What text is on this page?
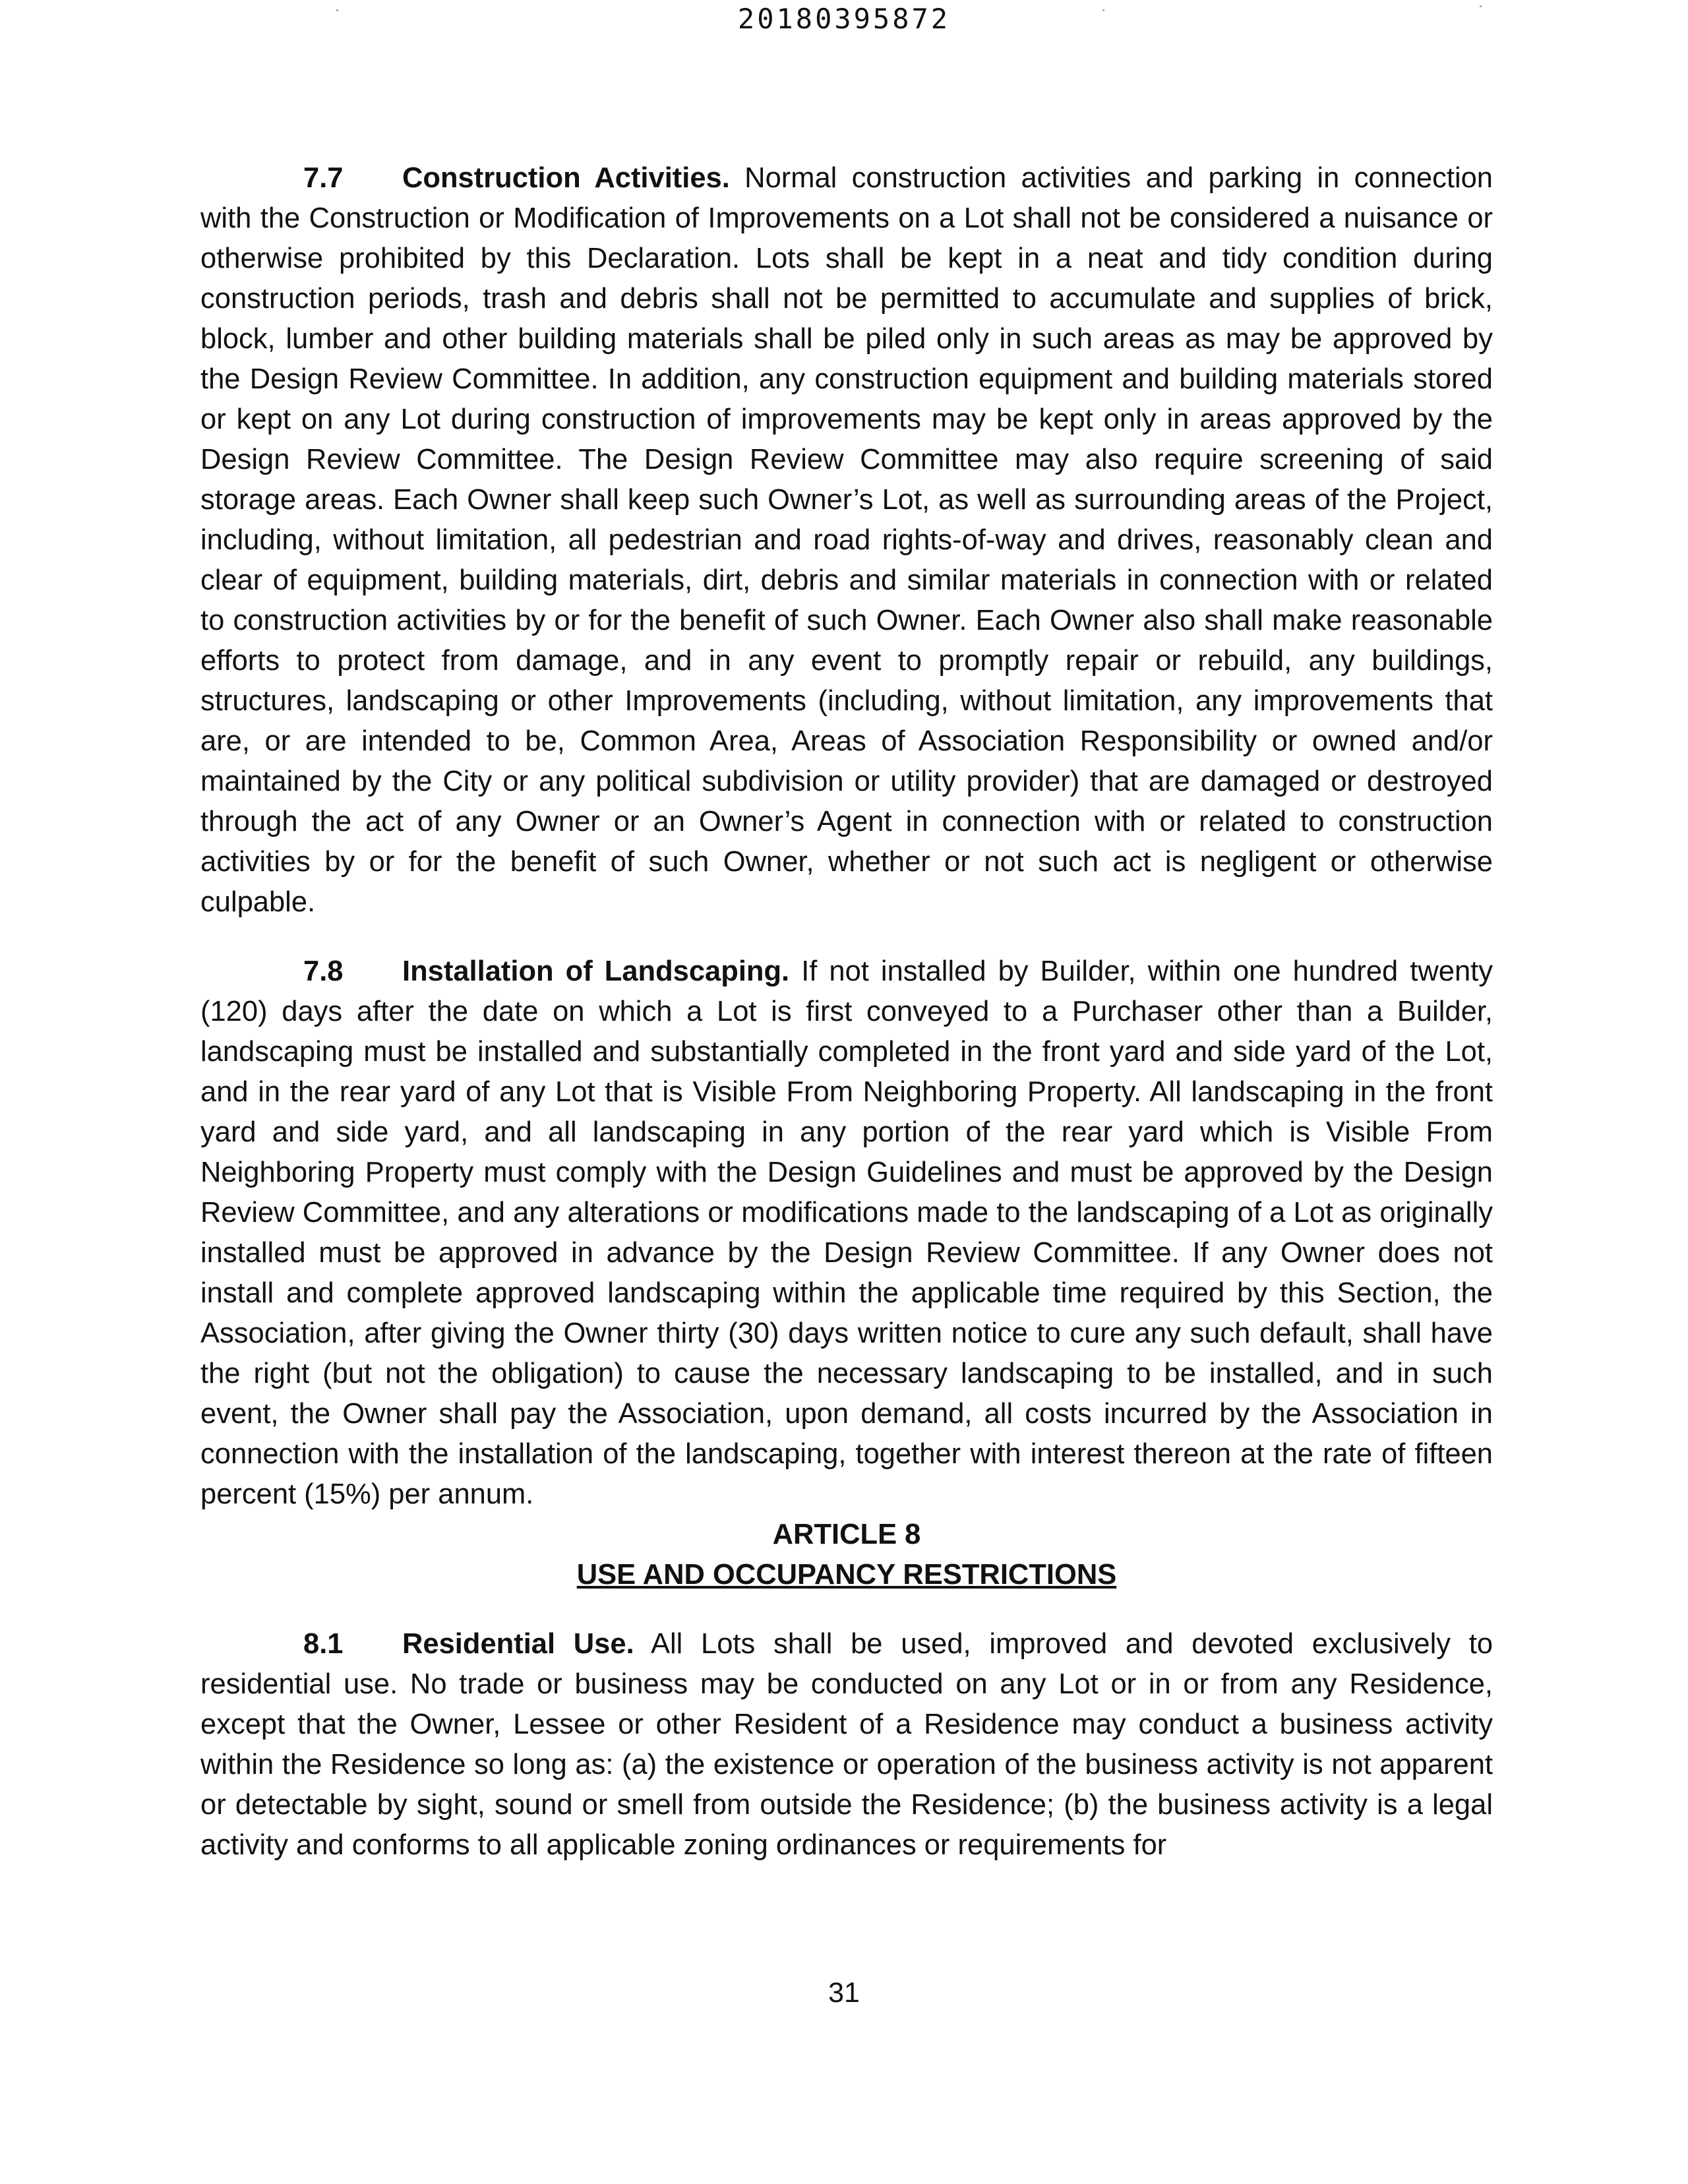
20180395872

7.7 Construction Activities. Normal construction activities and parking in connection with the Construction or Modification of Improvements on a Lot shall not be considered a nuisance or otherwise prohibited by this Declaration. Lots shall be kept in a neat and tidy condition during construction periods, trash and debris shall not be permitted to accumulate and supplies of brick, block, lumber and other building materials shall be piled only in such areas as may be approved by the Design Review Committee. In addition, any construction equipment and building materials stored or kept on any Lot during construction of improvements may be kept only in areas approved by the Design Review Committee. The Design Review Committee may also require screening of said storage areas. Each Owner shall keep such Owner’s Lot, as well as surrounding areas of the Project, including, without limitation, all pedestrian and road rights-of-way and drives, reasonably clean and clear of equipment, building materials, dirt, debris and similar materials in connection with or related to construction activities by or for the benefit of such Owner. Each Owner also shall make reasonable efforts to protect from damage, and in any event to promptly repair or rebuild, any buildings, structures, landscaping or other Improvements (including, without limitation, any improvements that are, or are intended to be, Common Area, Areas of Association Responsibility or owned and/or maintained by the City or any political subdivision or utility provider) that are damaged or destroyed through the act of any Owner or an Owner’s Agent in connection with or related to construction activities by or for the benefit of such Owner, whether or not such act is negligent or otherwise culpable.

7.8 Installation of Landscaping. If not installed by Builder, within one hundred twenty (120) days after the date on which a Lot is first conveyed to a Purchaser other than a Builder, landscaping must be installed and substantially completed in the front yard and side yard of the Lot, and in the rear yard of any Lot that is Visible From Neighboring Property. All landscaping in the front yard and side yard, and all landscaping in any portion of the rear yard which is Visible From Neighboring Property must comply with the Design Guidelines and must be approved by the Design Review Committee, and any alterations or modifications made to the landscaping of a Lot as originally installed must be approved in advance by the Design Review Committee. If any Owner does not install and complete approved landscaping within the applicable time required by this Section, the Association, after giving the Owner thirty (30) days written notice to cure any such default, shall have the right (but not the obligation) to cause the necessary landscaping to be installed, and in such event, the Owner shall pay the Association, upon demand, all costs incurred by the Association in connection with the installation of the landscaping, together with interest thereon at the rate of fifteen percent (15%) per annum.

ARTICLE 8

USE AND OCCUPANCY RESTRICTIONS

8.1 Residential Use. All Lots shall be used, improved and devoted exclusively to residential use. No trade or business may be conducted on any Lot or in or from any Residence, except that the Owner, Lessee or other Resident of a Residence may conduct a business activity within the Residence so long as: (a) the existence or operation of the business activity is not apparent or detectable by sight, sound or smell from outside the Residence; (b) the business activity is a legal activity and conforms to all applicable zoning ordinances or requirements for

31
